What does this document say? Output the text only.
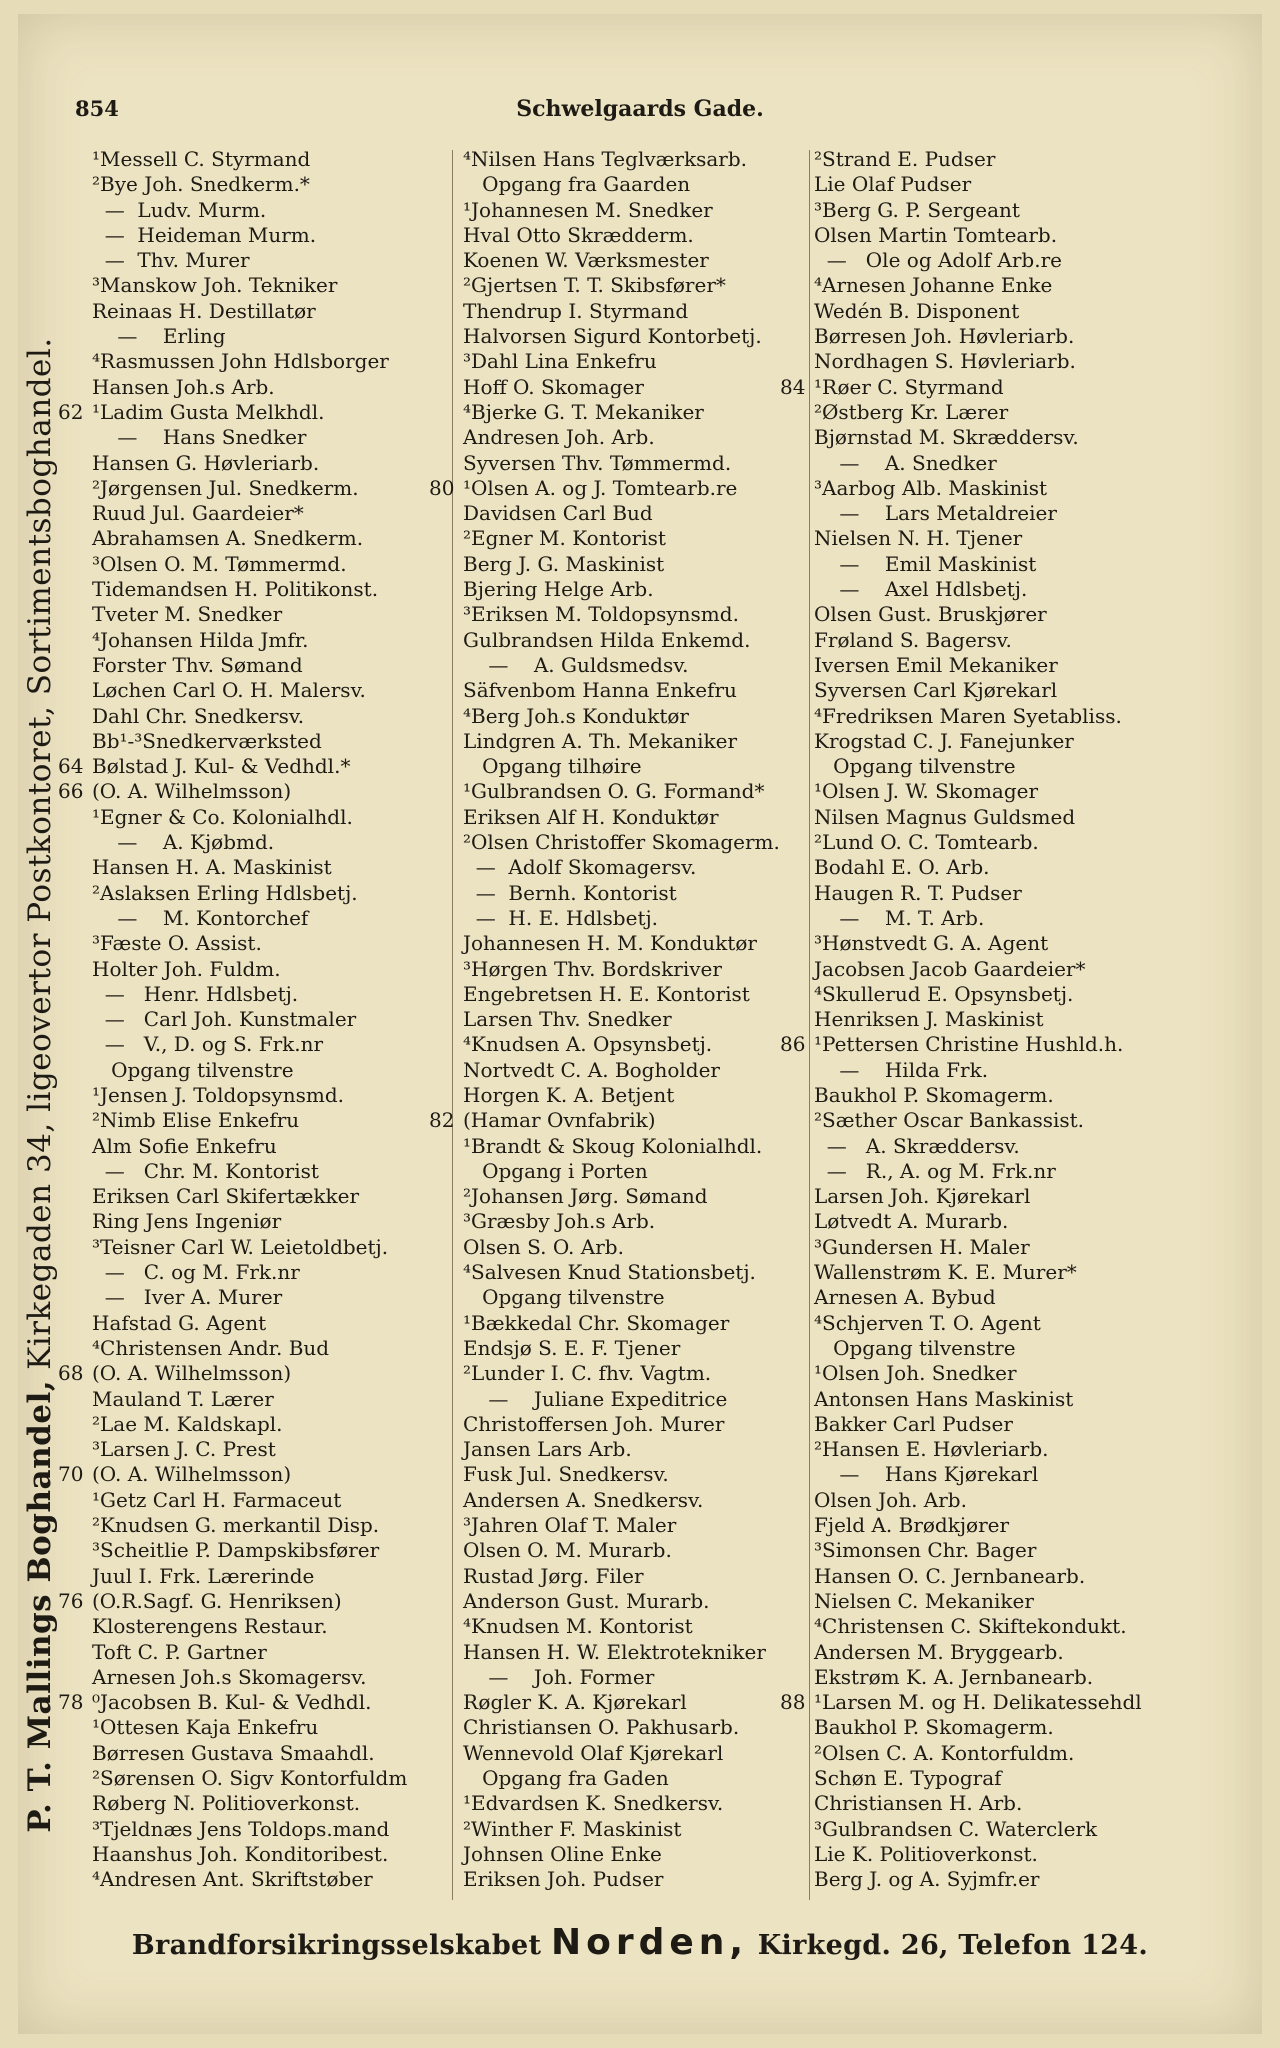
854	Schwelgaards Gade.
P. T. Mallings Boghandel,
Kirkegaden 34, ligeovertor Postkontoret, Sortimentsboghandel.
¹Messell C. Styrmand
²Bye Joh. Snedkerm.*
—  Ludv. Murm.
—  Heideman Murm.
—  Thv. Murer
³Manskow Joh. Tekniker
Reinaas H. Destillatør
—    Erling
⁴Rasmussen John Hdlsborger
Hansen Joh.s Arb.
62 ¹Ladim Gusta Melkhdl.
—    Hans Snedker
Hansen G. Høvleriarb.
²Jørgensen Jul. Snedkerm.
Ruud Jul. Gaardeier*
Abrahamsen A. Snedkerm.
³Olsen O. M. Tømmermd.
Tidemandsen H. Politikonst.
Tveter M. Snedker
⁴Johansen Hilda Jmfr.
Forster Thv. Sømand
Løchen Carl O. H. Malersv.
Dahl Chr. Snedkersv.
Bb¹-³Snedkerværksted
64 Bølstad J. Kul- & Vedhdl.*
66 (O. A. Wilhelmsson)
¹Egner & Co. Kolonialhdl.
—    A. Kjøbmd.
Hansen H. A. Maskinist
²Aslaksen Erling Hdlsbetj.
—    M. Kontorchef
³Fæste O. Assist.
Holter Joh. Fuldm.
—   Henr. Hdlsbetj.
—   Carl Joh. Kunstmaler
—   V., D. og S. Frk.nr
Opgang tilvenstre
¹Jensen J. Toldopsynsmd.
²Nimb Elise Enkefru
Alm Sofie Enkefru
—   Chr. M. Kontorist
Eriksen Carl Skifertækker
Ring Jens Ingeniør
³Teisner Carl W. Leietoldbetj.
—   C. og M. Frk.nr
—   Iver A. Murer
Hafstad G. Agent
⁴Christensen Andr. Bud
68 (O. A. Wilhelmsson)
Mauland T. Lærer
²Lae M. Kaldskapl.
³Larsen J. C. Prest
70 (O. A. Wilhelmsson)
¹Getz Carl H. Farmaceut
²Knudsen G. merkantil Disp.
³Scheitlie P. Dampskibsfører
Juul I. Frk. Lærerinde
76 (O.R.Sagf. G. Henriksen)
Klosterengens Restaur.
Toft C. P. Gartner
Arnesen Joh.s Skomagersv.
78 ⁰Jacobsen B. Kul- & Vedhdl.
¹Ottesen Kaja Enkefru
Børresen Gustava Smaahdl.
²Sørensen O. Sigv Kontorfuldm
Røberg N. Politioverkonst.
³Tjeldnæs Jens Toldops.mand
Haanshus Joh. Konditoribest.
⁴Andresen Ant. Skriftstøber
⁴Nilsen Hans Teglværksarb.
Opgang fra Gaarden
¹Johannesen M. Snedker
Hval Otto Skrædderm.
Koenen W. Værksmester
²Gjertsen T. T. Skibsfører*
Thendrup I. Styrmand
Halvorsen Sigurd Kontorbetj.
³Dahl Lina Enkefru
Hoff O. Skomager
⁴Bjerke G. T. Mekaniker
Andresen Joh. Arb.
Syversen Thv. Tømmermd.
80 ¹Olsen A. og J. Tomtearb.re
Davidsen Carl Bud
²Egner M. Kontorist
Berg J. G. Maskinist
Bjering Helge Arb.
³Eriksen M. Toldopsynsmd.
Gulbrandsen Hilda Enkemd.
—    A. Guldsmedsv.
Säfvenbom Hanna Enkefru
⁴Berg Joh.s Konduktør
Lindgren A. Th. Mekaniker
Opgang tilhøire
¹Gulbrandsen O. G. Formand*
Eriksen Alf H. Konduktør
²Olsen Christoffer Skomagerm.
—  Adolf Skomagersv.
—  Bernh. Kontorist
—  H. E. Hdlsbetj.
Johannesen H. M. Konduktør
³Hørgen Thv. Bordskriver
Engebretsen H. E. Kontorist
Larsen Thv. Snedker
⁴Knudsen A. Opsynsbetj.
Nortvedt C. A. Bogholder
Horgen K. A. Betjent
82 (Hamar Ovnfabrik)
¹Brandt & Skoug Kolonialhdl.
Opgang i Porten
²Johansen Jørg. Sømand
³Græsby Joh.s Arb.
Olsen S. O. Arb.
⁴Salvesen Knud Stationsbetj.
Opgang tilvenstre
¹Bækkedal Chr. Skomager
Endsjø S. E. F. Tjener
²Lunder I. C. fhv. Vagtm.
—    Juliane Expeditrice
Christoffersen Joh. Murer
Jansen Lars Arb.
Fusk Jul. Snedkersv.
Andersen A. Snedkersv.
³Jahren Olaf T. Maler
Olsen O. M. Murarb.
Rustad Jørg. Filer
Anderson Gust. Murarb.
⁴Knudsen M. Kontorist
Hansen H. W. Elektrotekniker
—    Joh. Former
Røgler K. A. Kjørekarl
Christiansen O. Pakhusarb.
Wennevold Olaf Kjørekarl
Opgang fra Gaden
¹Edvardsen K. Snedkersv.
²Winther F. Maskinist
Johnsen Oline Enke
Eriksen Joh. Pudser
²Strand E. Pudser
Lie Olaf Pudser
³Berg G. P. Sergeant
Olsen Martin Tomtearb.
—   Ole og Adolf Arb.re
⁴Arnesen Johanne Enke
Wedén B. Disponent
Børresen Joh. Høvleriarb.
Nordhagen S. Høvleriarb.
84 ¹Røer C. Styrmand
²Østberg Kr. Lærer
Bjørnstad M. Skræddersv.
—    A. Snedker
³Aarbog Alb. Maskinist
—    Lars Metaldreier
Nielsen N. H. Tjener
—    Emil Maskinist
—    Axel Hdlsbetj.
Olsen Gust. Bruskjører
Frøland S. Bagersv.
Iversen Emil Mekaniker
Syversen Carl Kjørekarl
⁴Fredriksen Maren Syetabliss.
Krogstad C. J. Fanejunker
Opgang tilvenstre
¹Olsen J. W. Skomager
Nilsen Magnus Guldsmed
²Lund O. C. Tomtearb.
Bodahl E. O. Arb.
Haugen R. T. Pudser
—    M. T. Arb.
³Hønstvedt G. A. Agent
Jacobsen Jacob Gaardeier*
⁴Skullerud E. Opsynsbetj.
Henriksen J. Maskinist
86 ¹Pettersen Christine Hushld.h.
—    Hilda Frk.
Baukhol P. Skomagerm.
²Sæther Oscar Bankassist.
—   A. Skræddersv.
—   R., A. og M. Frk.nr
Larsen Joh. Kjørekarl
Løtvedt A. Murarb.
³Gundersen H. Maler
Wallenstrøm K. E. Murer*
Arnesen A. Bybud
⁴Schjerven T. O. Agent
Opgang tilvenstre
¹Olsen Joh. Snedker
Antonsen Hans Maskinist
Bakker Carl Pudser
²Hansen E. Høvleriarb.
—    Hans Kjørekarl
Olsen Joh. Arb.
Fjeld A. Brødkjører
³Simonsen Chr. Bager
Hansen O. C. Jernbanearb.
Nielsen C. Mekaniker
⁴Christensen C. Skiftekondukt.
Andersen M. Bryggearb.
Ekstrøm K. A. Jernbanearb.
88 ¹Larsen M. og H. Delikatessehdl
Baukhol P. Skomagerm.
²Olsen C. A. Kontorfuldm.
Schøn E. Typograf
Christiansen H. Arb.
³Gulbrandsen C. Waterclerk
Lie K. Politioverkonst.
Berg J. og A. Syjmfr.er
Brandforsikringsselskabet Norden, Kirkegd. 26, Telefon 124.
